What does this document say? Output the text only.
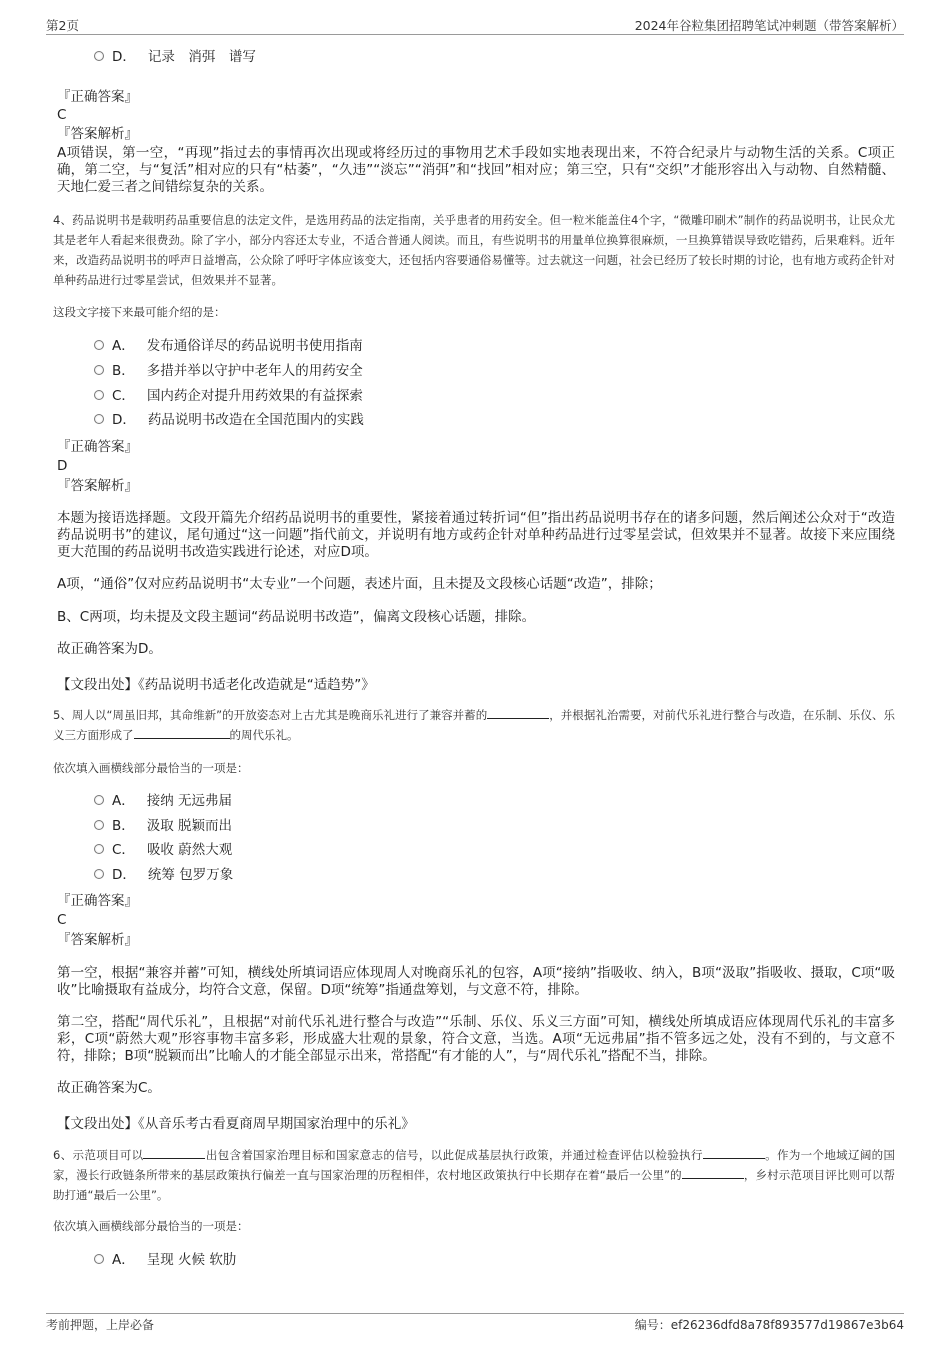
第2页	2024年谷粒集团招聘笔试冲刺题（带答案解析）
D． 记录　消弭　谱写
『正确答案』
C
『答案解析』
A项错误，第一空，“再现”指过去的事情再次出现或将经历过的事物用艺术手段如实地表现出来，不符合纪录片与动物生活的关系。C项正确，第二空，与“复活”相对应的只有“枯萎”，“久违”“淡忘”“消弭”和“找回”相对应；第三空，只有“交织”才能形容出入与动物、自然精髓、天地仁爱三者之间错综复杂的关系。
4、药品说明书是载明药品重要信息的法定文件，是选用药品的法定指南，关乎患者的用药安全。但一粒米能盖住4个字，“微雕印刷术”制作的药品说明书，让民众尤其是老年人看起来很费劲。除了字小，部分内容还太专业，不适合普通人阅读。而且，有些说明书的用量单位换算很麻烦，一旦换算错误导致吃错药，后果难料。近年来，改造药品说明书的呼声日益增高，公众除了呼吁字体应该变大，还包括内容要通俗易懂等。过去就这一问题，社会已经历了较长时期的讨论，也有地方或药企针对单种药品进行过零星尝试，但效果并不显著。
这段文字接下来最可能介绍的是：
A． 发布通俗详尽的药品说明书使用指南
B． 多措并举以守护中老年人的用药安全
C． 国内药企对提升用药效果的有益探索
D． 药品说明书改造在全国范围内的实践
『正确答案』
D
『答案解析』
本题为接语选择题。文段开篇先介绍药品说明书的重要性，紧接着通过转折词“但”指出药品说明书存在的诸多问题，然后阐述公众对于“改造药品说明书”的建议，尾句通过“这一问题”指代前文，并说明有地方或药企针对单种药品进行过零星尝试，但效果并不显著。故接下来应围绕更大范围的药品说明书改造实践进行论述，对应D项。
A项，“通俗”仅对应药品说明书“太专业”一个问题，表述片面，且未提及文段核心话题“改造”，排除；
B、C两项，均未提及文段主题词“药品说明书改造”，偏离文段核心话题，排除。
故正确答案为D。
【文段出处】《药品说明书适老化改造就是“适趋势”》
5、周人以“周虽旧邦，其命维新”的开放姿态对上古尤其是晚商乐礼进行了兼容并蓄的	，并根据礼治需要，对前代乐礼进行整合与改造，在乐制、乐仪、乐义三方面形成了	的周代乐礼。
依次填入画横线部分最恰当的一项是：
A． 接纳 无远弗届
B． 汲取 脱颖而出
C． 吸收 蔚然大观
D． 统筹 包罗万象
『正确答案』
C
『答案解析』
第一空，根据“兼容并蓄”可知，横线处所填词语应体现周人对晚商乐礼的包容，A项“接纳”指吸收、纳入，B项“汲取”指吸收、摄取，C项“吸收”比喻摄取有益成分，均符合文意，保留。D项“统筹”指通盘筹划，与文意不符，排除。
第二空，搭配“周代乐礼”，且根据“对前代乐礼进行整合与改造”“乐制、乐仪、乐义三方面”可知，横线处所填成语应体现周代乐礼的丰富多彩，C项“蔚然大观”形容事物丰富多彩，形成盛大壮观的景象，符合文意，当选。A项“无远弗届”指不管多远之处，没有不到的，与文意不符，排除；B项“脱颖而出”比喻人的才能全部显示出来，常搭配“有才能的人”，与“周代乐礼”搭配不当，排除。
故正确答案为C。
【文段出处】《从音乐考古看夏商周早期国家治理中的乐礼》
6、示范项目可以	出包含着国家治理目标和国家意志的信号，以此促成基层执行政策，并通过检查评估以检验执行	。作为一个地域辽阔的国家，漫长行政链条所带来的基层政策执行偏差一直与国家治理的历程相伴，农村地区政策执行中长期存在着“最后一公里”的	，乡村示范项目评比则可以帮助打通“最后一公里”。
依次填入画横线部分最恰当的一项是：
A． 呈现 火候 软肋
考前押题，上岸必备	编号：ef26236dfd8a78f893577d19867e3b64
